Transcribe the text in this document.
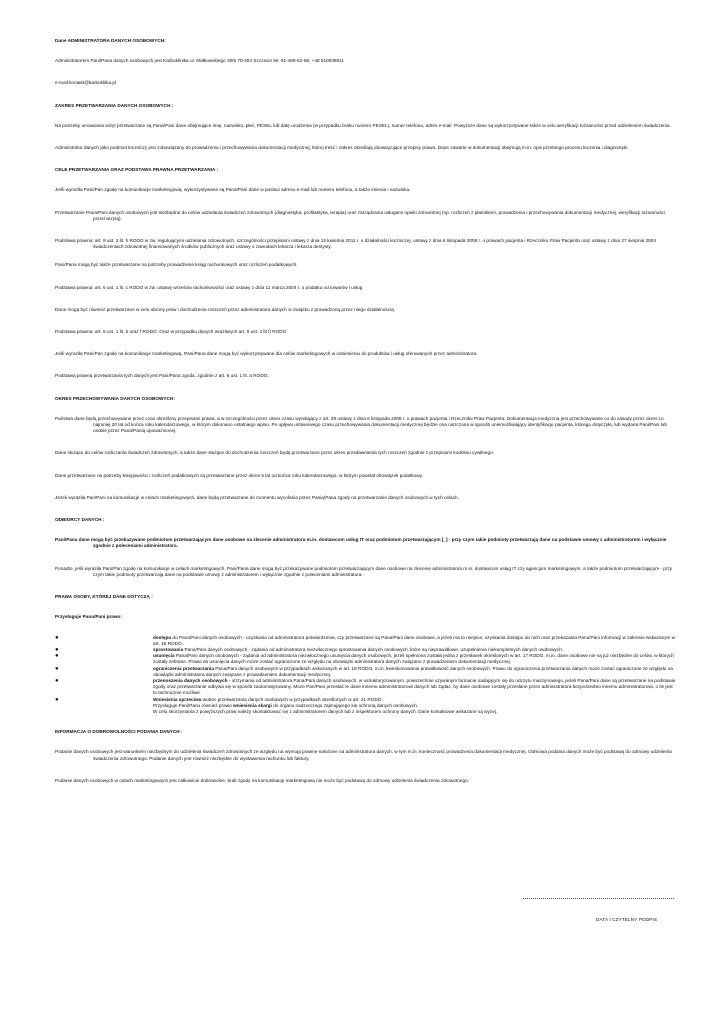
Dane ADMINISTRATORA DANYCH OSOBOWYCH:

Administratorem Pani/Pana danych osobowych jest Karboklinika ul. Małkowskiego 30/6 70-304 Szczecin tel. 91-489-62-58, +48 510838811

e-mail:kontakt@karbokliika.pl

ZAKRES PRZETWARZANIA DANYCH OSOBOWYCH :

Na potrzeby umawiania wizyt przetwarzane są Pana/Pani dane obejmujące imię, nazwisko, płeć, PESEL lub datę urodzenia (w przypadku braku numeru PESEL), numer telefonu, adres e-mail. Powyższe dane są wykorzystywane także w celu weryfikacji tożsamości przed udzieleniem świadczenia.

Administrator danych jako podmiot leczniczy jest zobowiązany do prowadzenia i przechowywania dokumentacji medycznej, której treść i zakres określają obowiązujące przepisy prawa. Dane zawarte w dokumentacji obejmują m.in. opis przebiegu procesu leczenia i diagnostyki.

CELE PRZETWARZANIA ORAZ PODSTAWA PRAWNA PRZETWARZANIA :

Jeśli wyraziła Pani/Pan zgodę na komunikacje marketingową, wykorzystywane są Pana/Pani dane w postaci adresu e-mail lub numeru telefonu, a także imienia i nazwiska.

Przetwarzanie Pana/Pani danych osobowych jest niezbędne do celów udzielania świadczeń zdrowotnych (diagnostyka, profilaktyka, terapia) oraz zarządzania usługami opieki zdrowotnej (np. rozliczeń z płatnikiem, prowadzenia i przechowywania dokumentacji medycznej, weryfikacji tożsamości przed wizytą).

Podstawa prawna: art. 9 ust. 2 lit. h RODO w zw. regulującymi udzielania zdrowotnych, szczególności przepisami ustawy z dnia 15 kwietnia 2011 r. o działalności leczniczej, ustawy z dnia 6 listopada 2008 r. o prawach pacjenta i Rzeczniku Praw Pacjenta oraz ustawy z dnia 27 sierpnia 2004 świadczeniach zdrowotnej finansowanych środków publicznych oraz ustawy o zawodach lekarza i lekarza dentysty.

Pani/Pana mogą być także przetwarzane na potrzeby prowadzenia ksiąg rachunkowych oraz rozliczeń podatkowych.

Podstawa prawna: art. 6 ust. 1 lit. c RODO w zw. ustawy września rachunkowości oraz ustawy z dnia 11 marca 2004 r. o podatku od towarów i usług

Dane mogą być również przetwarzane w celu obrony praw i dochodzenia roszczeń przez administratora danych w związku z prowadzoną przez niego działalnością.

Podstawa prawna: art. 6 ust. 1 lit. b oraz f RODO. Oraz w przypadku danych wrażliwych art. 9 ust. 2 lit f) RODO

Jeśli wyraziła Pani/Pan zgodę na komunikacje marketingową, Pani/Pana dane mogą być wykorzystywane dla celów marketingowych w odniesieniu do produktów i usług oferowanych przez administratora.

Podstawą prawną przetwarzania tych danych jest Pani/Pana zgoda, zgodnie z art. 6 ust. 1 lit. a RODO.

OKRES PRZECHOWYWANIA DANYCH OSOBOWYCH:

Państwa dane będą przechowywane przez czas określony przepisami prawa, a w szczególności przez okres czasu wynikający z art. 29 ustawy z dnia 6 listopada 2008 r. o prawach pacjenta i Rzeczniku Praw Pacjenta. Dokumentacja medyczna jest przechowywane co do zasady przez okres co najmniej 20 lat od końca roku kalendarzowego, w którym dokonano ostatniego wpisu. Po upływu ustawowego czasu przechowywania dokumentacji medycznej będzie ona niszczona w sposób uniemożliwiający identyfikacje pacjenta, którego dotyczyła, lub wydana Pani/Pani lub osobie przez Pana/Panią upoważnionej.

Dane służące do celów rozliczania świadczeń zdrowotnych, a także dane służące do dochodzenia roszczeń będą przetwarzane przez okres przedawnienia tych roszczeń zgodnie z przepisami kodeksu cywilnego.

Dane przetwarzane na potrzeby księgowości i rozliczeń podatkowych są przetwarzane przez okres 5 lat od końca roku kalendarzowego, w którym powstał obowiązek podatkowy.

Jeżeli wyraziła Pan/Pani na komunikacje w celach marketingowych, dane będą przetwarzane do momentu wycofania przez Panią/Pana zgody na przetwarzanie danych osobowych w tych celach.

ODBIORCY DANYCH :

Pani/Pana dane mogą być przekazywane podmiotom przetwarzającym dane osobowe na zlecenie administratora m.in. dostawcom usług IT oraz podmiotom przetwarzającym [_] - przy czym takie podmioty przetwarzają dane na podstawie umowy z administratorem i wyłącznie zgodnie z poleceniami administratora.

Ponadto, jeśli wyraziła Pani/Pan zgodę na komunikacje w celach marketingowych, Pani/Pana dane mogą być przekazywane podmiotom przetwarzającym dane osobowe na zlecenie administratora m.in. dostawcom usług IT czy agencjom marketingowym, a także podmiotom przetwarzającym - przy czym takie podmioty przetwarzają dane na podstawie umowy z administratorem i wyłącznie zgodnie z poleceniami administratora.

PRAWA OSOBY, KTÓREJ DANE DOTYCZĄ :
Przysługuje Panu/Pani prawo:
●	dostępu do Pana/Pani danych osobowych - uzyskania od administratora potwierdzenia, czy przetwarzane są Pana/Pani dane osobowe, a jeżeli ma to miejsce, uzyskania dostępu do nich oraz przekazania Panu/Pani informacji w zakresie wskazanym w art. 15 RODO.
●	sprostowania Pana/Pani danych osobowych - żądania od administratora niezwłocznego sprostowania danych osobowych, które są nieprawidłowe, uzupełnienia niekompletnych danych osobowych.
●	usunięcia Pana/Pani danych osobowych - żądania od administratora niezwłocznego usunięcia danych osobowych, jeżeli spełniona została jedna z przesłanek określonych w art. 17 RODO, m.in. dane osobowe nie są już niezbędne do celów, w których zostały zebrane. Prawo do usunięcia danych może zostać ograniczone ze względu na obowiązki administratora danych związane z prowadzeniem dokumentacji medycznej.
●	ograniczenia przetwarzania Pana/Pani danych osobowych w przypadkach wskazanych w art. 18 RODO, m.in. kwestionowania prawidłowość danych osobowych. Prawo do ograniczenia przetwarzania danych może zostać ograniczone ze względu na obowiązki administratora danych związane z prowadzeniem dokumentacji medycznej.
●	przenoszenia danych osobowych - otrzymania od administratora Pana/Pani danych osobowych, w ustrukturyzowanym, powszechnie używanym formacie nadającym się do odczytu maszynowego, jeżeli Pana/Pani dane są przetwarzane na podstawie zgody oraz przetwarzanie odbywa się w sposób zautomatyzowany. Może Pan/Pani przesłać te dane innemu administratorowi danych lub żądać, by dane osobowe zostały przesłane przez administratora bezpośrednio innemu administratorowi, o ile jest to technicznie możliwe.
●	Wniesienia sprzeciwu wobec przetwarzania danych osobowych w przypadkach określonych w art. 21 RODO.
Przysługuje Pani/Panu również prawo wniesienia skargi do organu nadzorczego zajmującego się ochroną danych osobowych.
W celu skorzystania z powyższych praw należy skontaktować się z administratorem danych lub z inspektorem ochrony danych. Dane kontaktowe wskazane są wyżej.
INFORMACJA O DOBROWOLNOŚCI PODANIA DANYCH :

Podanie danych osobowych jest warunkiem niezbędnym do udzielenia świadczeń zdrowotnych ze względu na wymogi prawne nałożone na administratora danych, w tym m.in. konieczność prowadzenia dokumentacji medycznej. Odmowa podania danych może być podstawą do odmowy udzielenia świadczenia zdrowotnego. Podanie danych jest również niezbędne do wystawienia rachunku lub faktury.

Podanie danych osobowych w celach marketingowych jest całkowicie dobrowolne, brak zgody na komunikację marketingową nie może być podstawą do odmowy udzielenia świadczenia zdrowotnego.

DATA I CZYTELNY PODPIS
